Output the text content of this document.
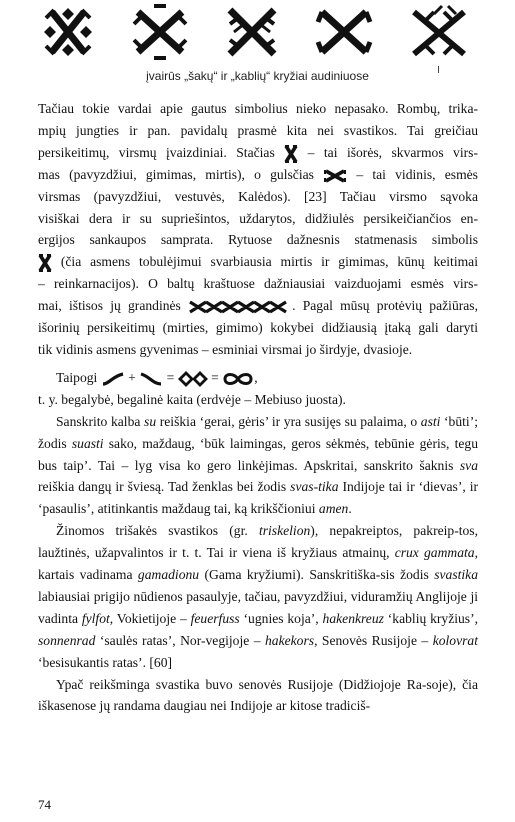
įvairūs „šakų“ ir „kablių“ kryžiai audiniuose

Tačiau tokie vardai apie gautus simbolius nieko nepasako. Rombų, trika-
mpių jungties ir pan. pavidalų prasmė kita nei svastikos. Tai greičiau
persikeitimų, virsmų įvaizdiniai. Stačias – tai išorės, skvarmos virs-
mas (pavyzdžiui, gimimas, mirtis), o gulsčias	– tai vidinis, esmės
virsmas (pavyzdžiui, vestuvės, Kalėdos). [23] Tačiau virsmo sąvoka
visiškai dera ir su supriešintos, uždarytos, didžiulės persikeičiančios en-
ergijos sankaupos samprata. Rytuose dažnesnis statmenasis simbolis
(čia asmens tobulėjimui svarbiausia mirtis ir gimimas, kūnų keitimai
– reinkarnacijos). O baltų kraštuose dažniausiai vaizduojami esmės virs-
mai, ištisos jų grandinės	. Pagal mūsų protėvių pažiūras,
išorinių persikeitimų (mirties, gimimo) kokybei didžiausią įtaką gali daryti
tik vidinis asmens gyvenimas – esminiai virsmai jo širdyje, dvasioje.

Taipogi + =	=	,

t. y. begalybė, begalinė kaita (erdvėje – Mebiuso juosta).

Sanskrito kalba su reiškia ‘gerai, gėris’ ir yra susijęs su palaima, o asti ‘būti’; žodis suasti sako, maždaug, ‘būk laimingas, geros sėkmės, tebūnie gėris, tegu bus taip’. Tai – lyg visa ko gero linkėjimas. Apskritai, sanskrito šaknis sva reiškia dangų ir šviesą. Tad ženklas bei žodis svas-tika Indijoje tai ir ‘dievas’, ir ‘pasaulis’, atitinkantis maždaug tai, ką krikščioniui amen.

Žinomos trišakės svastikos (gr. triskelion), nepakreiptos, pakreip-tos, laužtinės, užapvalintos ir t. t. Tai ir viena iš kryžiaus atmainų, crux gammata, kartais vadinama gamadionu (Gama kryžiumi). Sanskritiška-sis žodis svastika labiausiai prigijo nūdienos pasaulyje, tačiau, pavyzdžiui, viduramžių Anglijoje ji vadinta fylfot, Vokietijoje – feuerfuss ‘ugnies koja’, hakenkreuz ‘kablių kryžius’, sonnenrad ‘saulės ratas’, Nor-vegijoje – hakekors, Senovės Rusijoje – kolovrat ‘besisukantis ratas’. [60]

Ypač reikšminga svastika buvo senovės Rusijoje (Didžiojoje Ra-soje), čia iškasenose jų randama daugiau nei Indijoje ar kitose tradiciš-

74
